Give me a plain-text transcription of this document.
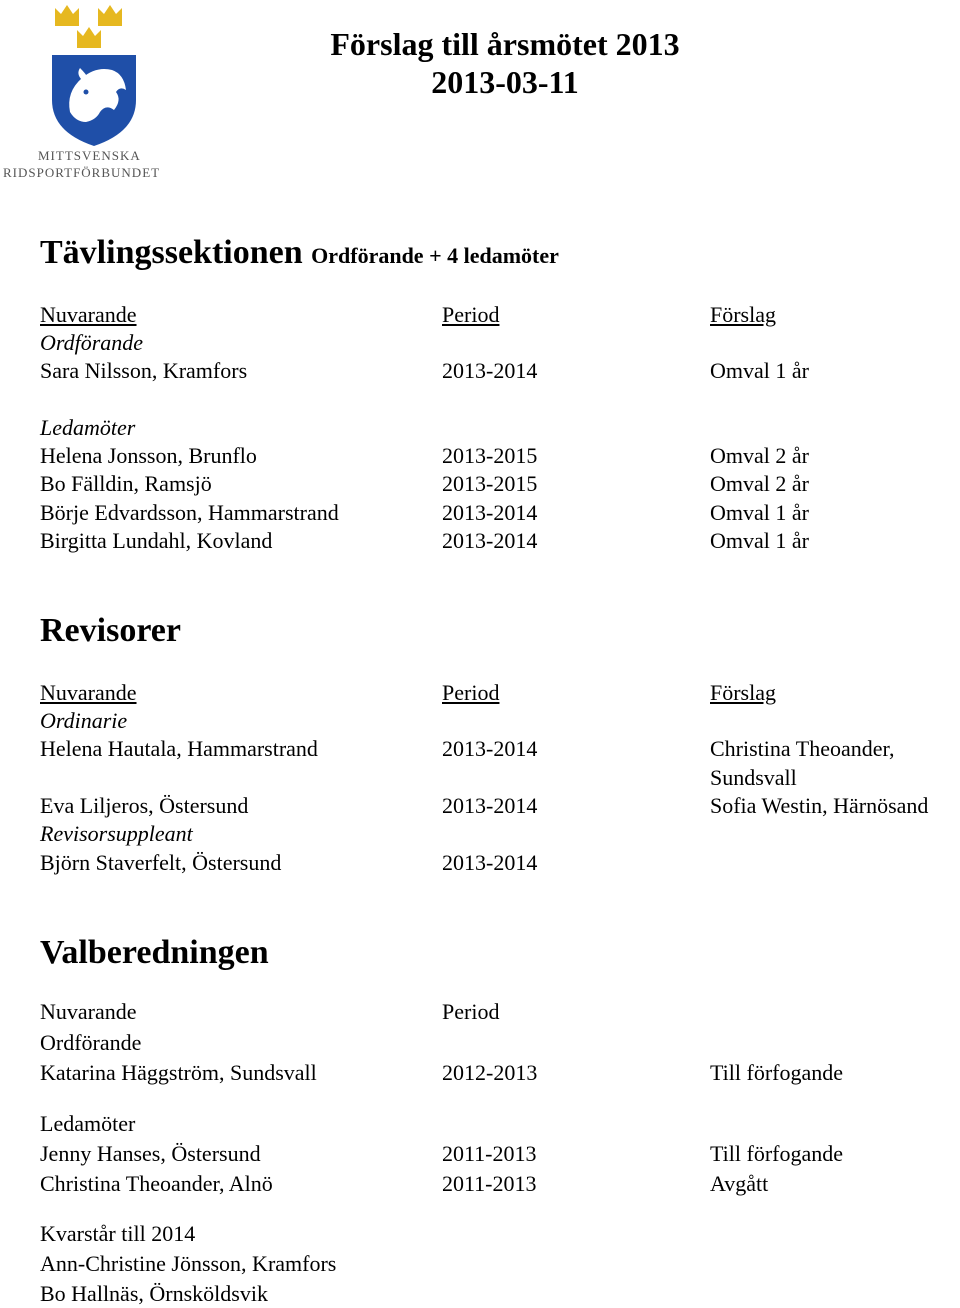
MITTSVENSKA
RIDSPORTFÖRBUNDET
Förslag till årsmötet 2013
2013-03-11
Tävlingssektionen Ordförande + 4 ledamöter
Nuvarande	Period	Förslag
Ordförande
Sara Nilsson, Kramfors	2013-2014	Omval 1 år
Ledamöter
Helena Jonsson, Brunflo	2013-2015	Omval 2 år
Bo Fälldin, Ramsjö	2013-2015	Omval 2 år
Börje Edvardsson, Hammarstrand	2013-2014	Omval 1 år
Birgitta Lundahl, Kovland	2013-2014	Omval 1 år
Revisorer
Nuvarande	Period	Förslag
Ordinarie
Helena Hautala, Hammarstrand	2013-2014	Christina Theoander,
Sundsvall
Eva Liljeros, Östersund	2013-2014	Sofia Westin, Härnösand
Revisorsuppleant
Björn Staverfelt, Östersund	2013-2014
Valberedningen
Nuvarande	Period
Ordförande
Katarina Häggström, Sundsvall	2012-2013	Till förfogande
Ledamöter
Jenny Hanses, Östersund	2011-2013	Till förfogande
Christina Theoander, Alnö	2011-2013	Avgått
Kvarstår till 2014
Ann-Christine Jönsson, Kramfors
Bo Hallnäs, Örnsköldsvik
